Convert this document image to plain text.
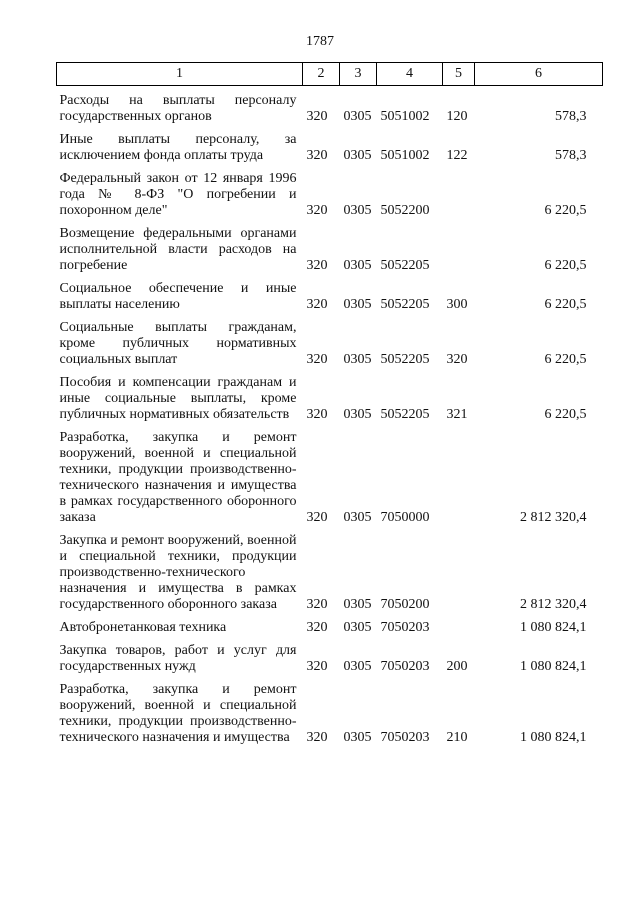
1787
1	2	3	4	5	6
Расходы на выплаты персоналу государственных органов	320	0305	5051002	120	578,3
Иные выплаты персоналу, за исключением фонда оплаты труда	320	0305	5051002	122	578,3
Федеральный закон от 12 января 1996 года № 8-ФЗ "О погребении и похоронном деле"	320	0305	5052200		6 220,5
Возмещение федеральными органами исполнительной власти расходов на погребение	320	0305	5052205		6 220,5
Социальное обеспечение и иные выплаты населению	320	0305	5052205	300	6 220,5
Социальные выплаты гражданам, кроме публичных нормативных социальных выплат	320	0305	5052205	320	6 220,5
Пособия и компенсации гражданам и иные социальные выплаты, кроме публичных нормативных обязательств	320	0305	5052205	321	6 220,5
Разработка, закупка и ремонт вооружений, военной и специальной техники, продукции производственно-технического назначения и имущества в рамках государственного оборонного заказа	320	0305	7050000		2 812 320,4
Закупка и ремонт вооружений, военной и специальной техники, продукции производственно-технического назначения и имущества в рамках государственного оборонного заказа	320	0305	7050200		2 812 320,4
Автобронетанковая техника	320	0305	7050203		1 080 824,1
Закупка товаров, работ и услуг для государственных нужд	320	0305	7050203	200	1 080 824,1
Разработка, закупка и ремонт вооружений, военной и специальной техники, продукции производственно-технического назначения и имущества	320	0305	7050203	210	1 080 824,1
